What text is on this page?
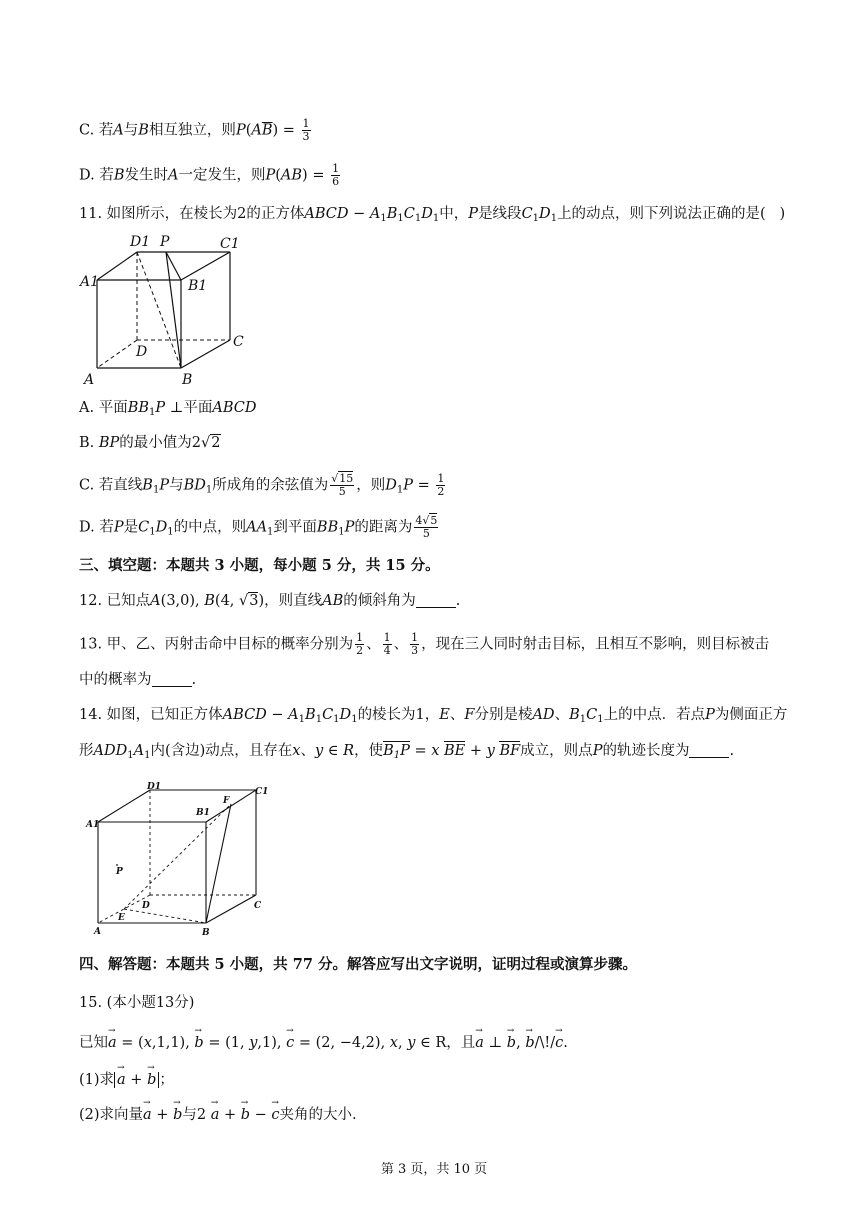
C. 若A与B相互独立，则$P(A\overline{B}) = \frac{1}{3}$
D. 若B发生时A一定发生，则$P(AB) = \frac{1}{6}$
11. 如图所示，在棱长为2的正方体ABCD − $A_1B_1C_1D_1$中，P是线段$C_1D_1$上的动点，则下列说法正确的是(   )
D1 P	C1
A1	B1
D
C
A	B
A. 平面$BB_1P$ ⊥平面ABCD
B. BP的最小值为2√2
C. 若直线$B_1P$与$BD_1$所成角的余弦值为 $\frac{√15}{5}$ ，则$D_1P = \frac{1}{2}$
D. 若P是$C_1D_1$的中点，则$AA_1$到平面$BB_1P$的距离为 $\frac{4√5}{5}$
三、填空题：本题共 3 小题，每小题 5 分，共 15 分。
12. 已知点A(3,0), B(4, √3)，则直线AB的倾斜角为	.
13. 甲、乙、丙射击命中目标的概率分别为 $\frac{1}{2}$ 、 $\frac{1}{4}$ 、 $\frac{1}{3}$ ，现在三人同时射击目标，且相互不影响，则目标被击
中的概率为	.
14. 如图，已知正方体ABCD − $A_1B_1C_1D_1$的棱长为1，E、F分别是棱AD、$B_1C_1$上的中点．若点P为侧面正方
形$ADD_1A_1$内(含边)动点，且存在x、y ∈ R，使$B_1P = x$ BE + y BF成立，则点P的轨迹长度为	.
D1	C1
B1
F
A1
P
D	C
E
A	B
四、解答题：本题共 5 小题，共 77 分。解答应写出文字说明，证明过程或演算步骤。
15. (本小题13分)
已知→ a = (x,1,1), → b = (1, y,1), → c = (2, −4,2), x, y ∈ R，且→ a ⊥ → b, → b/\!/→ c.
(1)求 → a + → b ；
(2)求向量→ a + → b与2 → a + → b − → c夹角的大小.
第 3 页，共 10 页
